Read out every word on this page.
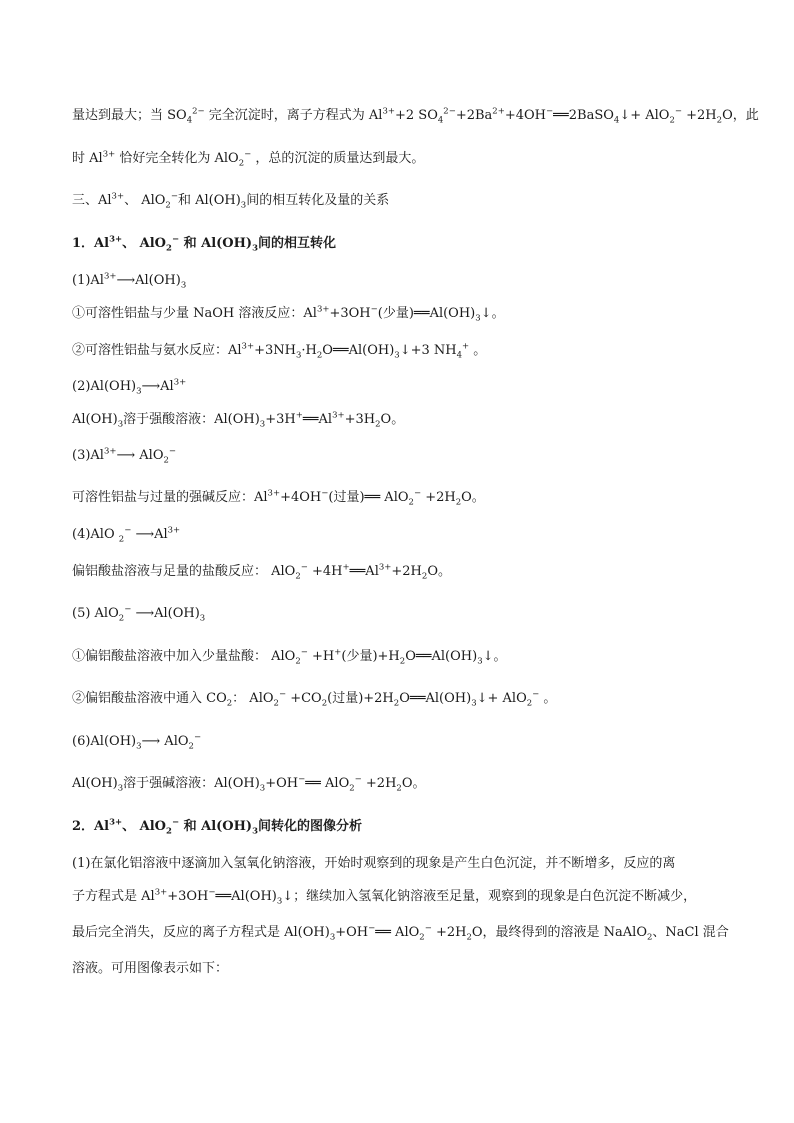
量达到最大；当 $SO_4^{2-}$ 完全沉淀时，离子方程式为 $Al^{3+}+2$ $SO_4^{2-}+2Ba^{2+}+4OH^-══2BaSO_4↓+ AlO_2^- +2H_2O$，此
时 $Al^{3+}$ 恰好完全转化为 AlO$_2$− ，总的沉淀的质量达到最大。
三、$Al^{3+}$、 AlO$_2$−和 $Al(OH)_3$间的相互转化及量的关系
1．$Al^{3+}$、 AlO$_2$− 和 $Al(OH)_3$间的相互转化
$(1)Al^{3+}⟶Al(OH)_3$
①可溶性铝盐与少量 NaOH 溶液反应：$Al^{3+}+3OH^-$(少量)$══Al(OH)_3↓$。
②可溶性铝盐与氨水反应：$Al^{3+}+3NH_3\cdot H_2O══Al(OH)_3↓+3$ $NH_4^+$ 。
$(2)Al(OH)_3⟶Al^{3+}$
$Al(OH)_3$溶于强酸溶液：$Al(OH)_3+3H^+══Al^{3+}+3H_2O$。
$(3)Al^{3+}⟶$ AlO$_2$−
可溶性铝盐与过量的强碱反应：$Al^{3+}+4OH^-$(过量)══ $AlO_2^- +2H_2O$。
(4)AlO $_2$− $⟶Al^{3+}$
偏铝酸盐溶液与足量的盐酸反应： $AlO_2^- +4H^+══Al^{3+}+2H_2O$。
(5) AlO$_2$− $⟶Al(OH)_3$
①偏铝酸盐溶液中加入少量盐酸： AlO$_2$− +H+(少量)$+H_2O══Al(OH)_3↓$。
②偏铝酸盐溶液中通入 $CO_2$： $AlO_2^- +CO_2$(过量)$+2H_2O══Al(OH)_3↓+ AlO_2^-$ 。
$(6)Al(OH)_3⟶$ AlO$_2$−
$Al(OH)_3$溶于强碱溶液：$Al(OH)_3+OH^-══$ $AlO_2^- +2H_2O$。
2．$Al^{3+}$、 AlO$_2$− 和 $Al(OH)_3$间转化的图像分析
(1)在氯化铝溶液中逐滴加入氢氧化钠溶液，开始时观察到的现象是产生白色沉淀，并不断增多，反应的离
子方程式是 $Al^{3+}+3OH^-══Al(OH)_3↓$；继续加入氢氧化钠溶液至足量，观察到的现象是白色沉淀不断减少，
最后完全消失，反应的离子方程式是 $Al(OH)_3+OH^-══$ $AlO_2^- +2H_2O$，最终得到的溶液是 NaAlO$_2$、NaCl 混合
溶液。可用图像表示如下：
